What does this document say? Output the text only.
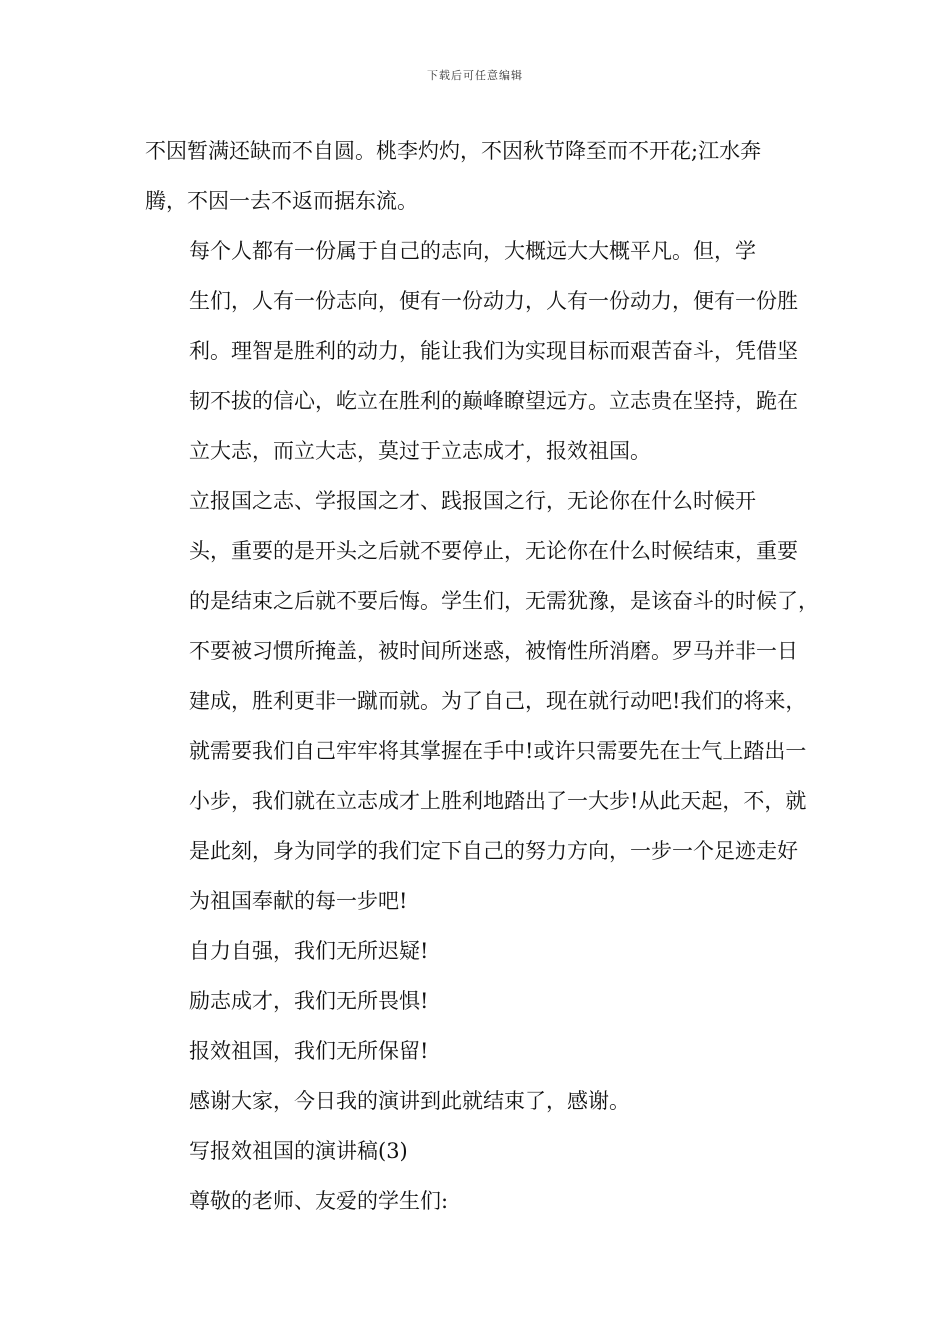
下载后可任意编辑

不因暂满还缺而不自圆。桃李灼灼，不因秋节降至而不开花;江水奔
腾，不因一去不返而据东流。

每个人都有一份属于自己的志向，大概远大大概平凡。但，学
生们，人有一份志向，便有一份动力，人有一份动力，便有一份胜
利。理智是胜利的动力，能让我们为实现目标而艰苦奋斗，凭借坚
韧不拔的信心，屹立在胜利的巅峰瞭望远方。立志贵在坚持，跪在
立大志，而立大志，莫过于立志成才，报效祖国。

立报国之志、学报国之才、践报国之行，无论你在什么时候开
头，重要的是开头之后就不要停止，无论你在什么时候结束，重要
的是结束之后就不要后悔。学生们，无需犹豫，是该奋斗的时候了，
不要被习惯所掩盖，被时间所迷惑，被惰性所消磨。罗马并非一日
建成，胜利更非一蹴而就。为了自己，现在就行动吧!我们的将来，
就需要我们自己牢牢将其掌握在手中!或许只需要先在士气上踏出一
小步，我们就在立志成才上胜利地踏出了一大步!从此天起，不，就
是此刻，身为同学的我们定下自己的努力方向，一步一个足迹走好
为祖国奉献的每一步吧!

自力自强，我们无所迟疑!

励志成才，我们无所畏惧!

报效祖国，我们无所保留!

感谢大家，今日我的演讲到此就结束了，感谢。

写报效祖国的演讲稿(3)

尊敬的老师、友爱的学生们:
